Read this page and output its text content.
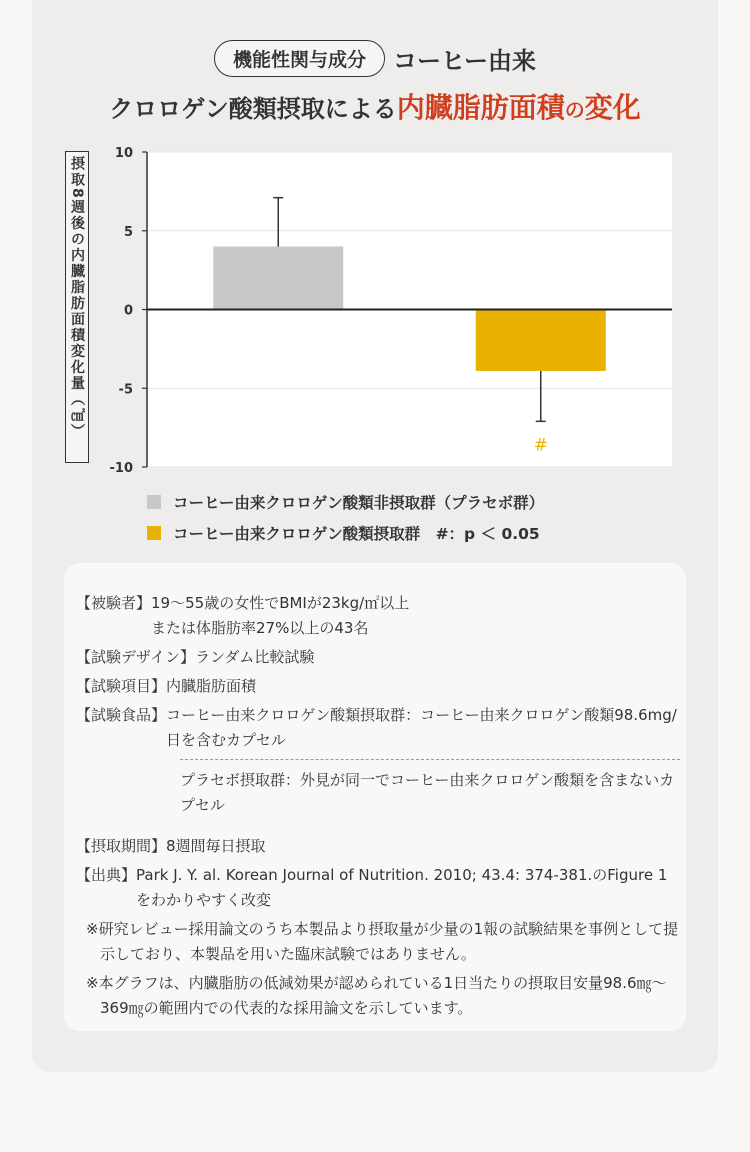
機能性関与成分	コーヒー由来
クロロゲン酸類摂取による内臓脂肪面積の変化
摂取8週後の内臓脂肪面積変化量（㎠）
10
5
0
-5
-10
#
コーヒー由来クロロゲン酸類非摂取群（プラセボ群）
コーヒー由来クロロゲン酸類摂取群　#：p ＜ 0.05
【被験者】 19〜55歳の女性でBMIが23kg/㎡以上
または体脂肪率27%以上の43名
【試験デザイン】 ランダム比較試験
【試験項目】 内臓脂肪面積
【試験食品】 コーヒー由来クロロゲン酸類摂取群：コーヒー由来クロロゲン酸類98.6mg/日を含むカプセル
プラセボ摂取群：外見が同一でコーヒー由来クロロゲン酸類を含まないカプセル
【摂取期間】 8週間毎日摂取
【出典】 Park J. Y. al. Korean Journal of Nutrition. 2010; 43.4: 374-381.のFigure 1をわかりやすく改変
※研究レビュー採用論文のうち本製品より摂取量が少量の1報の試験結果を事例として提示しており、本製品を用いた臨床試験ではありません。
※本グラフは、内臓脂肪の低減効果が認められている1日当たりの摂取目安量98.6㎎〜369㎎の範囲内での代表的な採用論文を示しています。
